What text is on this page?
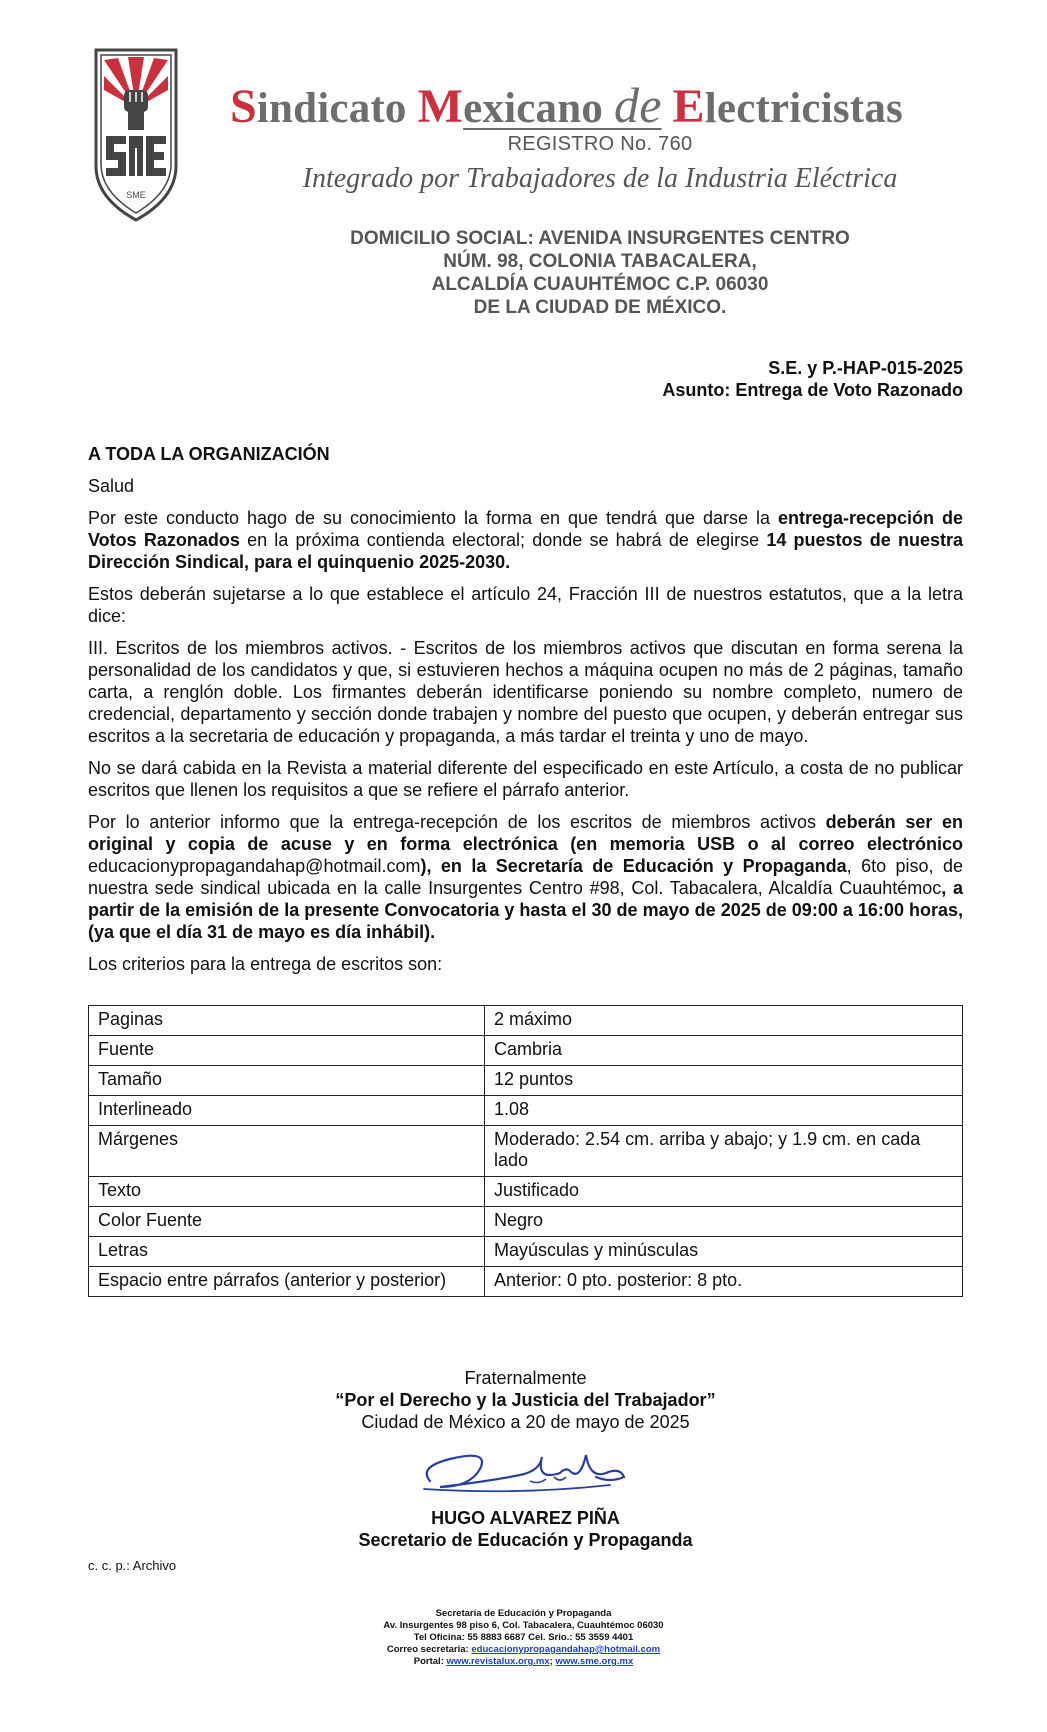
SME
Sindicato Mexicano de Electricistas
REGISTRO No. 760
Integrado por Trabajadores de la Industria Eléctrica
DOMICILIO SOCIAL: AVENIDA INSURGENTES CENTRO
NÚM. 98, COLONIA TABACALERA,
ALCALDÍA CUAUHTÉMOC C.P. 06030
DE LA CIUDAD DE MÉXICO.
S.E. y P.-HAP-015-2025
Asunto: Entrega de Voto Razonado

A TODA LA ORGANIZACIÓN

Salud

Por este conducto hago de su conocimiento la forma en que tendrá que darse la entrega-recepción de Votos Razonados en la próxima contienda electoral; donde se habrá de elegirse 14 puestos de nuestra Dirección Sindical, para el quinquenio 2025-2030.

Estos deberán sujetarse a lo que establece el artículo 24, Fracción III de nuestros estatutos, que a la letra dice:

III. Escritos de los miembros activos. - Escritos de los miembros activos que discutan en forma serena la personalidad de los candidatos y que, si estuvieren hechos a máquina ocupen no más de 2 páginas, tamaño carta, a renglón doble. Los firmantes deberán identificarse poniendo su nombre completo, numero de credencial, departamento y sección donde trabajen y nombre del puesto que ocupen, y deberán entregar sus escritos a la secretaria de educación y propaganda, a más tardar el treinta y uno de mayo.

No se dará cabida en la Revista a material diferente del especificado en este Artículo, a costa de no publicar escritos que llenen los requisitos a que se refiere el párrafo anterior.

Por lo anterior informo que la entrega-recepción de los escritos de miembros activos deberán ser en original y copia de acuse y en forma electrónica (en memoria USB o al correo electrónico educacionypropagandahap@hotmail.com), en la Secretaría de Educación y Propaganda, 6to piso, de nuestra sede sindical ubicada en la calle Insurgentes Centro #98, Col. Tabacalera, Alcaldía Cuauhtémoc, a partir de la emisión de la presente Convocatoria y hasta el 30 de mayo de 2025 de 09:00 a 16:00 horas, (ya que el día 31 de mayo es día inhábil).

Los criterios para la entrega de escritos son:

Paginas	2 máximo
Fuente	Cambria
Tamaño	12 puntos
Interlineado	1.08
Márgenes	Moderado: 2.54 cm. arriba y abajo; y 1.9 cm. en cada lado
Texto	Justificado
Color Fuente	Negro
Letras	Mayúsculas y minúsculas
Espacio entre párrafos (anterior y posterior)	Anterior: 0 pto. posterior: 8 pto.
Fraternalmente
“Por el Derecho y la Justicia del Trabajador”
Ciudad de México a 20 de mayo de 2025
HUGO ALVAREZ PIÑA
Secretario de Educación y Propaganda
c. c. p.: Archivo
Secretaría de Educación y Propaganda
Av. Insurgentes 98 piso 6, Col. Tabacalera, Cuauhtémoc 06030
Tel Oficina: 55 8883 6687 Cel. Srio.: 55 3559 4401
Correo secretaria: educacionypropagandahap@hotmail.com
Portal: www.revistalux.org.mx; www.sme.org.mx
